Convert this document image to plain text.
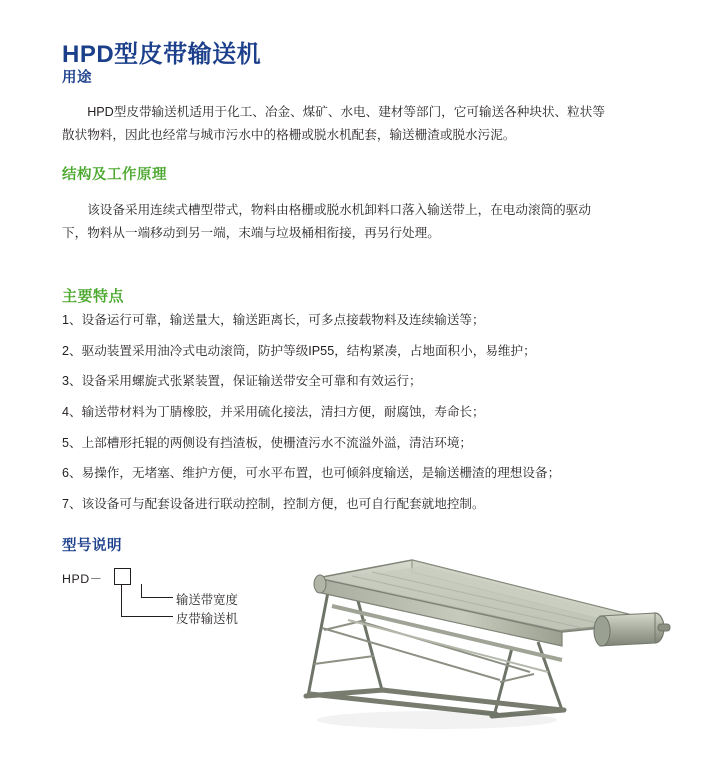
HPD型皮带输送机
用途

HPD型皮带输送机适用于化工、冶金、煤矿、水电、建材等部门，它可输送各种块状、粒状等散状物料，因此也经常与城市污水中的格栅或脱水机配套，输送栅渣或脱水污泥。

结构及工作原理

该设备采用连续式槽型带式，物料由格栅或脱水机卸料口落入输送带上，在电动滚筒的驱动下，物料从一端移动到另一端，末端与垃圾桶相衔接，再另行处理。

主要特点
1、设备运行可靠，输送量大，输送距离长，可多点接载物料及连续输送等；
2、驱动装置采用油冷式电动滚筒，防护等级IP55，结构紧凑，占地面积小，易维护；
3、设备采用螺旋式张紧装置，保证输送带安全可靠和有效运行；
4、输送带材料为丁腈橡胶，并采用硫化接法，清扫方便，耐腐蚀，寿命长；
5、上部槽形托辊的两侧设有挡渣板，使栅渣污水不流溢外溢，清洁环境；
6、易操作，无堵塞、维护方便，可水平布置，也可倾斜度输送，是输送栅渣的理想设备；
7、该设备可与配套设备进行联动控制，控制方便，也可自行配套就地控制。
型号说明
HPD－
输送带宽度
皮带输送机
